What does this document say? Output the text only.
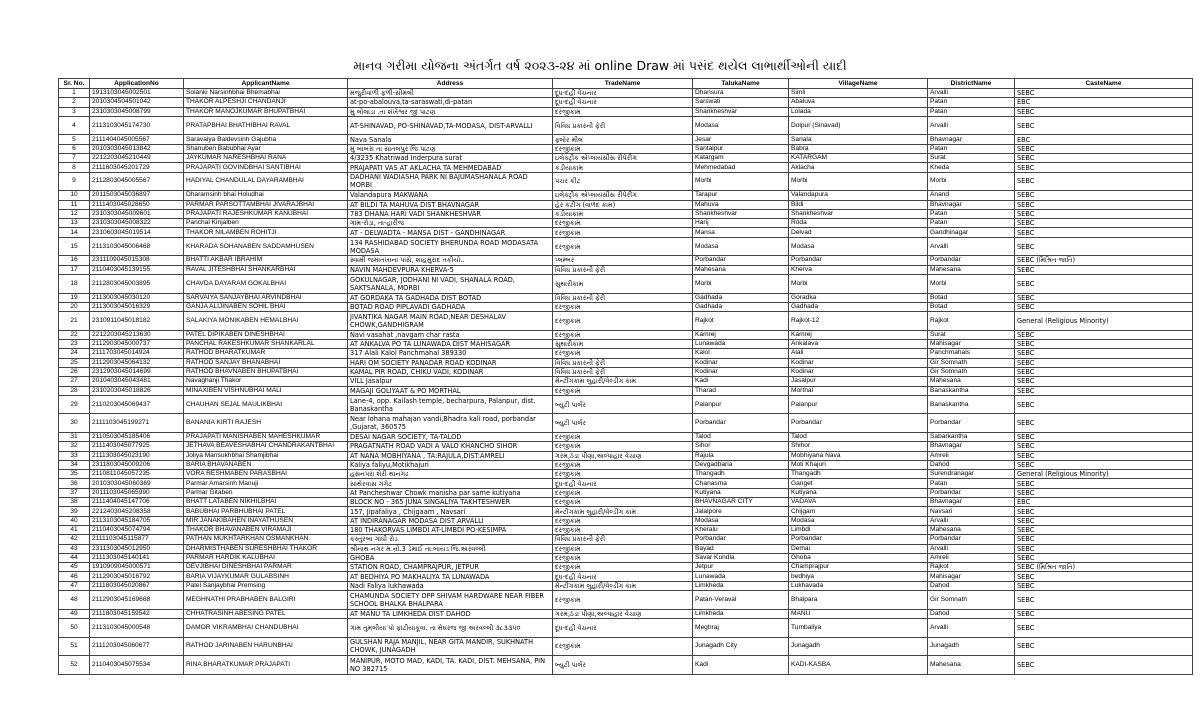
માનવ ગરીમા યોજના અંતર્ગત વર્ષ ૨૦૨૩-૨૪ માં online Draw માં પસંદ થયેલ લાભાર્થીઓની યાદી
Sr. No.	ApplicationNo	ApplicantName	Address	TradeName	TalukaName	VillageName	DistrictName	CasteName
1	1913103045002501	Solanki Narsinhbhai Bhemabhai	મજુરીવાળી ફળી-સીમલી	દૂધ-દહીં વેચનાર	Dhansura	Simli	Arvalli	SEBC
2	2010304504501042	THAKOR ALPESHJI CHANDANJI	at-po-abalouva,ta-saraswati,di-patan	દૂધ-દહીં વેચનાર	Sarswati	Abaluva	Patan	EBC
3	2310303045008799	THAKOR MANOJKUMAR BHUPATBHAI	મુ લોલાડા .તા શંખેશ્વર જી પાટણ	દરજીકામ	Shankheshvar	Lolada	Patan	SEBC
4	2113103045174730	PRATAPBHAI BHATHIBHAI RAVAL	AT-SHINAVAD, PO-SHINAVAD,TA-MODASA, DIST-ARVALLI	વિવિધ પ્રકારની ફેરી	Modasa	Dolpur (Sinavad)	Arvalli	SEBC
5	2111404045005567	Saravaiya Baldevsinh Gajubha	Nava Sanala	ફ્લોર મીલ	Jesar	Sanala	Bhavnagar	EBC
6	2010303045013842	Shanuben Babubhai Ayar	મું બાબરા તા સાંતલપુર જિ પાટણ	દરજીકામ	Santalpur	Babra	Patan	SEBC
7	2212203045210449	JAYKUMAR NARESHBHAI RANA	4/3235 Khatriwad Inderpura surat	ઇલેક્ટ્રીક એપ્લાયંસીસ રીપેરીંગ	Katargam	KATARGAM	Surat	SEBC
8	2111603045201729	PRAJAPATI GOVINDBHAI SANTIBHAI	PRAJAPATI VAS AT AKLACHA TA MEHMEDABAD	કડીયાકામ	Mehmedabad	Aklacha	Kheda	SEBC
9	2112803045005567	HADIYAL CHANDULAL DAYARAMBHAI	DADHANI WADIASHA PARK NI BAJUMASHANALA ROAD MORBI	પંચર કીટ	Morbi	Morbi	Morbi	SEBC
10	2011503045036897	Dharamsinh bhai Holudhai	Valandapura MAKWANA	ઇલેક્ટ્રીક એપ્લાયંસીસ રીપેરીંગ	Tarapur	Valandapura	Anand	SEBC
11	2111403045028650	PARMAR PARSOTTAMBHAI JIVARAJBHAI	AT BILDI TA MAHUVA DIST BHAVNAGAR	હેર કટીંગ (વાળંદ કામ)	Mahuva	Bildi	Bhavnagar	SEBC
12	2310303045009601	PRAJAPATI RAJESHKUMAR KANUBHAI	783 DHANA HARI VADI SHANKHESHVAR	કડીયાકામ	Shankheshvar	Shankheshvar	Patan	SEBC
13	2310303045008322	Panchal Kinjalben	ગામ-રોડા, તા-હારીજ	દરજીકામ	Harij	Roda	Patan	SEBC
14	2310603045019514	THAKOR NILAMBEN ROHITJI	AT - DELWADTA - MANSA DIST - GANDHINAGAR	દરજીકામ	Mansa	Delvad	Gandhinagar	SEBC
15	2113103045006468	KHARADA SOHANABEN SADDAMHUSEN	134 RASHIDABAD SOCIETY BHERUNDA ROAD MODASATA MODASA	દરજીકામ	Modasa	Modasa	Arvalli	SEBC
16	2311109045015308	BHATTI AKBAR IBRAHIM	સ્વામી જમાતખાના પાસે, શાહમુરાદ તકીયો..	પ્લમ્બર	Porbandar	Porbandar	Porbandar	SEBC (મિશ્રિત જાતિ)
17	2110403045139155	RAVAL JITESHBHAI SHANKARBHAI	NAVIN MAHDEVPURA KHERVA-5	વિવિધ પ્રકારની ફેરી	Mahesana	Kherva	Mahesana	SEBC
18	2112803045003895	CHAVDA DAYARAM GOKALBHAI	GOKULNAGAR, JODHANI NI VADI, SHANALA ROAD, SAKTSANALA, MORBI	સુથારીકામ	Morbi	Morbi	Morbi	SEBC
19	2113003045030120	SARVAIYA SANJAYBHAI ARVINDBHAI	AT GORDAKA TA GADHADA DIST BOTAD	વિવિધ પ્રકારની ફેરી	Gadhada	Goradka	Botad	SEBC
20	2113003045016329	GANJA ALIJINABEN SOHIL BHAI	BOTAD ROAD PIPLAVADI GADHADA	દરજીકામ	Gadhada	Gadhada	Botad	SEBC
21	2310911045018182	SALAKIYA MONIKABEN HEMALBHAI	JIVANTIKA NAGAR MAIN ROAD,NEAR DESHALAV CHOWK,GANDHIGRAM	દરજીકામ	Rajkot	Rajkot-12	Rajkot	General (Religious Minority)
22	2212203045213630	PATEL DIPIKABEN DINESHBHAI	Navi vasahat ,navgam char rasta	દરજીકામ	Kamrej	Kamrej	Surat	SEBC
23	2112903045000737	PANCHAL RAKESHKUMAR SHANKARLAL	AT ANKALVA PO TA LUNAWADA DIST MAHISAGAR	સુથારીકામ	Lunawada	Ankalava	Mahisagar	SEBC
24	2111703045014924	RATHOD BHARATKUMAR	317 Alali Kalol Panchmahal 389330	દરજીકામ	Kalol	Alali	Panchmahals	SEBC
25	2112903045064132	RATHOD SANJAY BHANABHAI	HARI OM SOCIETY PANADAR ROAD KODINAR	વિવિધ પ્રકારની ફેરી	Kodinar	Kodinar	Gir Somnath	SEBC
26	2312903045014699	RATHOD BHAVNABEN BHUPATBHAI	KAMAL PIR ROAD, CHIKU VADI, KODINAR	વિવિધ પ્રકારની ફેરી	Kodinar	Kodinar	Gir Somnath	SEBC
27	2010403045043481	Navaghanji Thakor	VILL Jasalpur	મેન્ટીંગકામ લુહારી/વેલ્ડીંગ કામ	Kadi	Jasalpur	Mahesana	SEBC
28	2310203045018826	MINAXIBEN VISHNUBHAI MALI	MAGAJI GOLIYAAT & PO MORTHAL	દરજીકામ	Tharad	Morthal	Banaskantha	SEBC
29	2110203045069437	CHAUHAN SEJAL MAULIKBHAI	Lane-4, opp. Kailash temple, becharpura, Palanpur, dist. Banaskantha	બ્યુટી પાર્લર	Palanpur	Palanpur	Banaskantha	SEBC
30	2111103045199271	BANANIA KIRTI RAJESH	Near lohana mahajan vandi,Bhadra kali road, porbandar ,Gujarat, 360575	બ્યુટી પાર્લર	Porbandar	Porbandar	Porbandar	SEBC
31	2110503045185406	PRAJAPATI MANISHABEN MAHESHKUMAR	DESAI NAGAR SOCIETY, TA-TALOD	દરજીકામ	Talod	Talod	Sabarkantha	SEBC
32	2111403045077925	JETHAVA BEAVESHABHAI CHANDRAKANTBHAI	PRAGATNATH ROAD VADI A VALO KHANCHO SIHOR	દરજીકામ	Sihor	Shihor	Bhavnagar	SEBC
33	2111303045023190	Joliya Mansukhbhai Shamjibhai	AT NANA MOBHIYANA , TA:RAJULA,DIST:AMRELI	ગરમ,ઠંડા પીણા,અલ્પાહાર વેચાણ	Rajula	Mobhiyana Nava	Amreli	SEBC
34	2311803045009206	BARIA BHAVANABEN	Kaliya faliyu,Motikhajuri	દરજીકામ	Devgadbaria	Moti Khajuri	Dahod	SEBC
35	2110811045057235	VORA RESHMABEN PARASBHAI	હસનપરા શેરી થાનગઢ	દરજીકામ	Thangadh	Thangadh	Surendranagar	General (Religious Minority)
36	2010303045060369	Parmar Amarsinh Manuji	સાંથેરવાસ ગંગેટ	દૂધ-દહીં વેચનાર	Chanasma	Ganget	Patan	SEBC
37	2011103045065990	Parmar Gitaben	At Pancheshwar Chowk manisha par same kutiyana	દરજીકામ	Kutiyana	Kutiyana	Porbandar	SEBC
38	2111404045147706	BHATT LATABEN NIKHILBHAI	BLOCK NO - 365 JUNA SINGALIYA TAKHTESHWER	દરજીકામ	BHAVNAGAR CITY	VADAVA	Bhavnagar	EBC
39	2212403045208358	BABUBHAI PARBHUBHAI PATEL	157, Jipafaliya , Chijgaam , Navsari	મેન્ટીંગકામ લુહારી/વેલ્ડીંગ કામ	Jalalpore	Chijgam	Navsari	SEBC
40	2113103045184705	MIR JANAKIBAHEN INAYATHUSEN	AT INDIRANAGAR MODASA DIST ARVALLI	દરજીકામ	Modasa	Modasa	Arvalli	SEBC
41	2110403045074794	THAKOR BHAVANABEN VIRAMAJI	180 THAKORVAS LIMBDI AT-LIMBDI PO-KESIMPA	દરજીકામ	Kheralu	Limbdi	Mahesana	SEBC
42	2111103045115877	PATHAN MUKHTARKHAN OSMANKHAN	કસ્તુરબા ગાંધી રોડ	વિવિધ પ્રકારની ફેરી	Porbandar	Porbandar	Porbandar	SEBC
43	2311303045012950	DHARMISTHABEN SURESHBHAI THAKOR	શ્રીનાથ નગર મ.ન્રો.3 ડેમાઈ તા.બાયડ જિ.અરવલ્લી	દરજીકામ	Bayad	Demai	Arvalli	SEBC
44	2111303045140141	PARMAR HARDIK KALUBHAI	GHOBA	દરજીકામ	Savar Kundla	Ghoba	Amreli	SEBC
45	1910909045000571	DEVJIBHAI DINESHBHAI PARMAR	STATION ROAD, CHAMPRAJPUR, JETPUR	દરજીકામ	Jetpur	Champrajpur	Rajkot	SEBC (મિશ્રિત જાતિ)
46	2112903045016792	BARIA VIJAYKUMAR GULABSINH	AT BEDHIYA PO MAKHALIYA TA LUNAWADA	દૂધ-દહીં વેચનાર	Lunawada	bedhiya	Mahisagar	SEBC
47	2111803045020867	Patel Sanjaybhai Premsing	Nadi Faliya lukhawada	મેન્ટીંગકામ લુહારી/વેલ્ડીંગ કામ	Limkheda	Lukhavada	Dahod	SEBC
48	2112903045169668	MEGHNATHI PRABHABEN BALGIRI	CHAMUNDA SOCIETY OPP SHIVAM HARDWARE NEAR FIBER SCHOOL BHALKA BHALPARA	દરજીકામ	Patan-Veraval	Bhalpara	Gir Somnath	SEBC
49	2111803045159542	CHHATRASINH ABESING PATEL	AT MANU TA LIMKHEDA DIST DAHOD	ગરમ,ઠંડા પીણા,અલ્પાહાર વેચાણ	Limkheda	MANU	Dahod	SEBC
50	2113103045000548	DAMOR VIKRAMBHAI CHANDUBHAI	ગામ તુમલીયા પો ફાંટીયાકૂવા. તા મેઘરજ જી અરવલ્લી ૩૮૩૩૫૦	દૂધ-દહીં વેચનાર	Meghraj	Tumbaliya	Arvalli	SEBC
51	2111203045060677	RATHOD JARINABEN HARUNBHAI	GULSHAN RAJA MANJIL, NEAR GITA MANDIR, SUKHNATH CHOWK, JUNAGADH	દરજીકામ	Junagadh City	Junagadh	Junagadh	SEBC
52	2110403045075534	RINA BHARATKUMAR PRAJAPATI	MANIPUR, MOTO MAD, KADI, TA. KADI, DIST. MEHSANA, PIN NO 382715	બ્યુટી પાર્લર	Kadi	KADI-KASBA	Mahesana	SEBC
